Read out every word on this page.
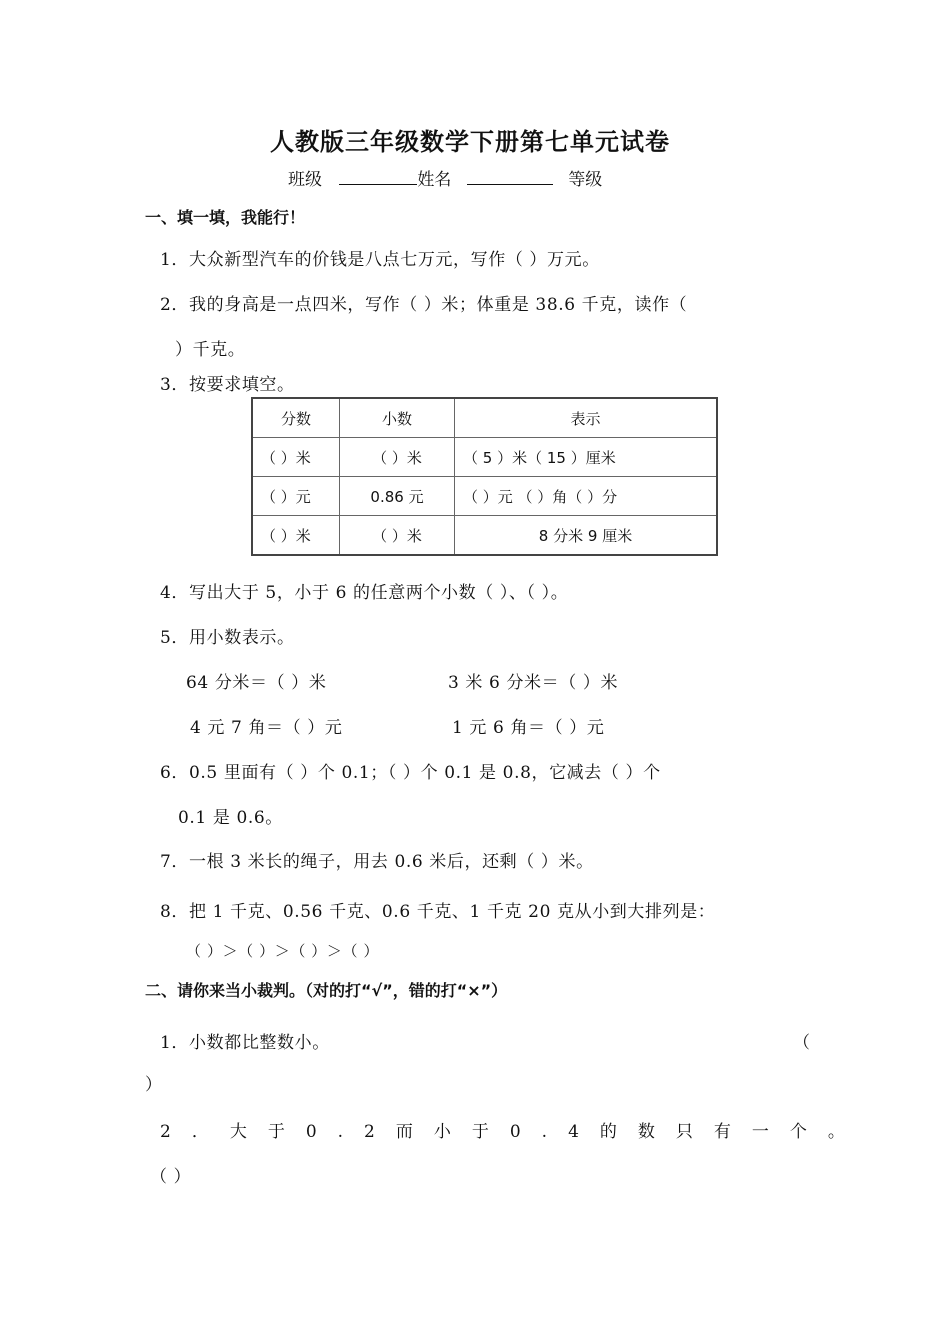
人教版三年级数学下册第七单元试卷
班级	姓名	等级
一、填一填，我能行！
1．大众新型汽车的价钱是八点七万元，写作（ ）万元。
2．我的身高是一点四米，写作（ ）米；体重是 38.6 千克，读作（
）千克。
3．按要求填空。
分数	小数	表示
（ ）米	（ ）米	（ 5 ）米（ 15 ）厘米
（ ）元	0.86 元	（ ）元 （ ）角（ ）分
（ ）米	（ ）米	8 分米 9 厘米
4．写出大于 5，小于 6 的任意两个小数（ ）、（ ）。
5．用小数表示。
64 分米＝（ ）米	3 米 6 分米＝（ ）米
4 元 7 角＝（ ）元	1 元 6 角＝（ ）元
6．0.5 里面有（ ）个 0.1；（ ）个 0.1 是 0.8，它减去（ ）个
0.1 是 0.6。
7．一根 3 米长的绳子，用去 0.6 米后，还剩（ ）米。
8．把 1 千克、0.56 千克、0.6 千克、1 千克 20 克从小到大排列是：
（ ）＞（ ）＞（ ）＞（ ）
二、请你来当小裁判。（对的打“√”，错的打“×”）
1．小数都比整数小。	（
）
2．大于0.2而小于0.4的数只有一个。
（ ）
